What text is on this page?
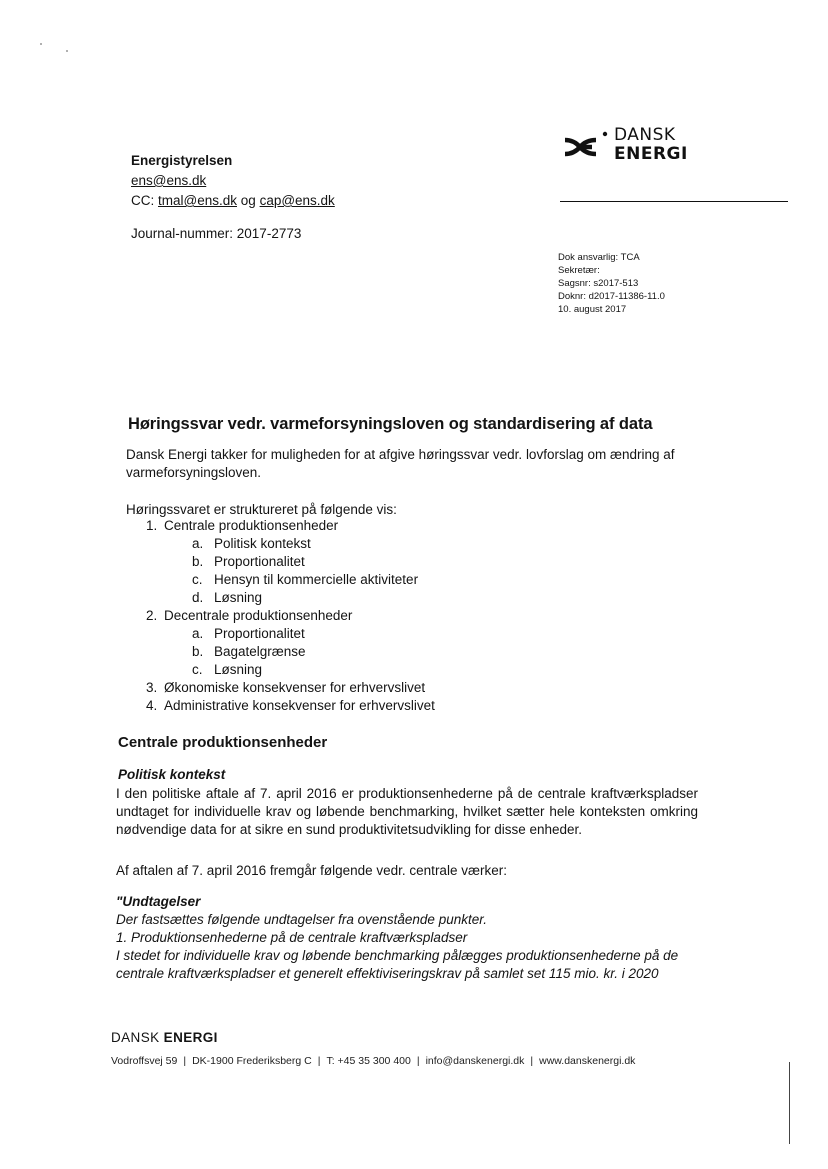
Energistyrelsen
ens@ens.dk
CC: tmal@ens.dk og cap@ens.dk
Journal-nummer: 2017-2773
DANSK
ENERGI
Dok ansvarlig: TCA
Sekretær:
Sagsnr: s2017-513
Doknr: d2017-11386-11.0
10. august 2017
Høringssvar vedr. varmeforsyningsloven og standardisering af data
Dansk Energi takker for muligheden for at afgive høringssvar vedr. lovforslag om ændring af varmeforsyningsloven.
Høringssvaret er struktureret på følgende vis:
1. Centrale produktionsenheder
a. Politisk kontekst
b. Proportionalitet
c. Hensyn til kommercielle aktiviteter
d. Løsning
2. Decentrale produktionsenheder
a. Proportionalitet
b. Bagatelgrænse
c. Løsning
3. Økonomiske konsekvenser for erhvervslivet
4. Administrative konsekvenser for erhvervslivet
Centrale produktionsenheder
Politisk kontekst
I den politiske aftale af 7. april 2016 er produktionsenhederne på de centrale kraftværkspladser undtaget for individuelle krav og løbende benchmarking, hvilket sætter hele konteksten omkring nødvendige data for at sikre en sund produktivitetsudvikling for disse enheder.
Af aftalen af 7. april 2016 fremgår følgende vedr. centrale værker:
"Undtagelser
Der fastsættes følgende undtagelser fra ovenstående punkter.
1. Produktionsenhederne på de centrale kraftværkspladser
I stedet for individuelle krav og løbende benchmarking pålægges produktionsenhederne på de centrale kraftværkspladser et generelt effektiviseringskrav på samlet set 115 mio. kr. i 2020
DANSK ENERGI
Vodroffsvej 59 | DK-1900 Frederiksberg C | T: +45 35 300 400 | info@danskenergi.dk | www.danskenergi.dk
